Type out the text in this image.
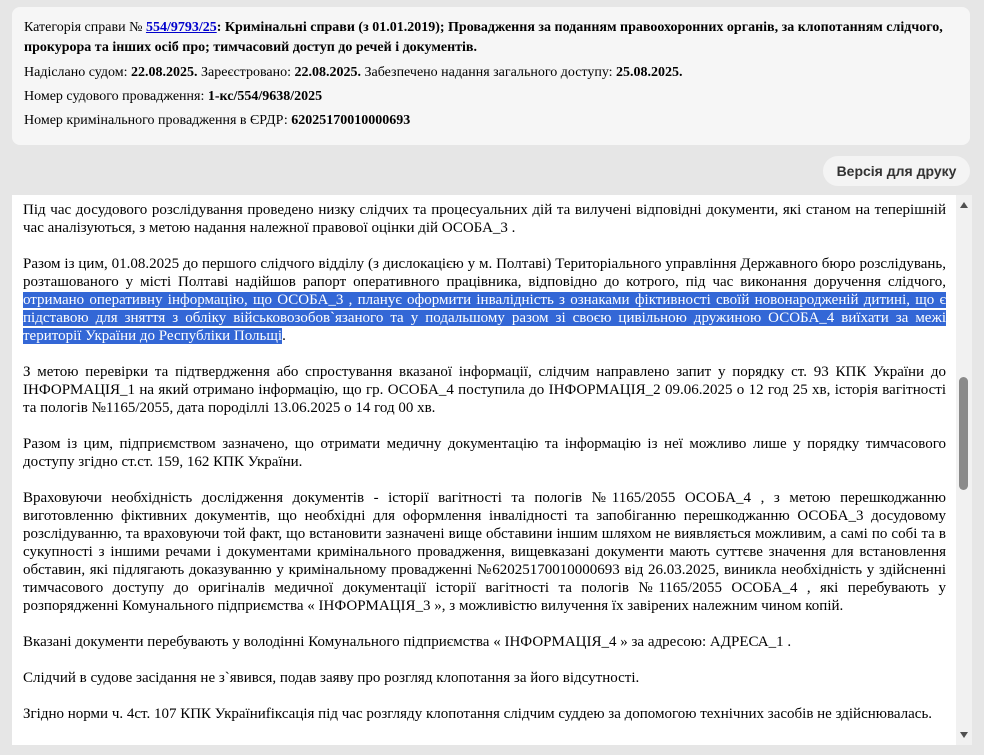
Категорія справи № 554/9793/25: Кримінальні справи (з 01.01.2019); Провадження за поданням правоохоронних органів, за клопотанням слідчого, прокурора та інших осіб про; тимчасовий доступ до речей і документів.
Надіслано судом: 22.08.2025. Зареєстровано: 22.08.2025. Забезпечено надання загального доступу: 25.08.2025.
Номер судового провадження: 1-кс/554/9638/2025
Номер кримінального провадження в ЄРДР: 62025170010000693
Версія для друку

Під час досудового розслідування проведено низку слідчих та процесуальних дій та вилучені відповідні документи, які станом на теперішній час аналізуються, з метою надання належної правової оцінки дій ОСОБА_3 .

Разом із цим, 01.08.2025 до першого слідчого відділу (з дислокацією у м. Полтаві) Територіального управління Державного бюро розслідувань, розташованого у місті Полтаві надійшов рапорт оперативного працівника, відповідно до котрого, під час виконання доручення слідчого, отримано оперативну інформацію, що ОСОБА_3 , планує оформити інвалідність з ознаками фіктивності своїй новонародженій дитині, що є підставою для зняття з обліку військовозобов`язаного та у подальшому разом зі своєю цивільною дружиною ОСОБА_4 виїхати за межі території України до Республіки Польщі.

З метою перевірки та підтвердження або спростування вказаної інформації, слідчим направлено запит у порядку ст. 93 КПК України до ІНФОРМАЦІЯ_1 на який отримано інформацію, що гр. ОСОБА_4 поступила до ІНФОРМАЦІЯ_2 09.06.2025 о 12 год 25 хв, історія вагітності та пологів №1165/2055, дата породіллі 13.06.2025 о 14 год 00 хв.

Разом із цим, підприємством зазначено, що отримати медичну документацію та інформацію із неї можливо лише у порядку тимчасового доступу згідно ст.ст. 159, 162 КПК України.

Враховуючи необхідність дослідження документів - історії вагітності та пологів №1165/2055 ОСОБА_4 , з метою перешкоджанню виготовленню фіктивних документів, що необхідні для оформлення інвалідності та запобіганню перешкоджанню ОСОБА_3 досудовому розслідуванню, та враховуючи той факт, що встановити зазначені вище обставини іншим шляхом не виявляється можливим, а самі по собі та в сукупності з іншими речами і документами кримінального провадження, вищевказані документи мають суттєве значення для встановлення обставин, які підлягають доказуванню у кримінальному провадженні №62025170010000693 від 26.03.2025, виникла необхідність у здійсненні тимчасового доступу до оригіналів медичної документації історії вагітності та пологів №1165/2055 ОСОБА_4 , які перебувають у розпорядженні Комунального підприємства « ІНФОРМАЦІЯ_3 », з можливістю вилучення їх завірених належним чином копій.

Вказані документи перебувають у володінні Комунального підприємства « ІНФОРМАЦІЯ_4 » за адресою: АДРЕСА_1 .

Слідчий в судове засідання не з`явився, подав заяву про розгляд клопотання за його відсутності.

Згідно норми ч. 4ст. 107 КПК Україниfiксація під час розгляду клопотання слідчим суддею за допомогою технічних засобів не здійснювалась.
